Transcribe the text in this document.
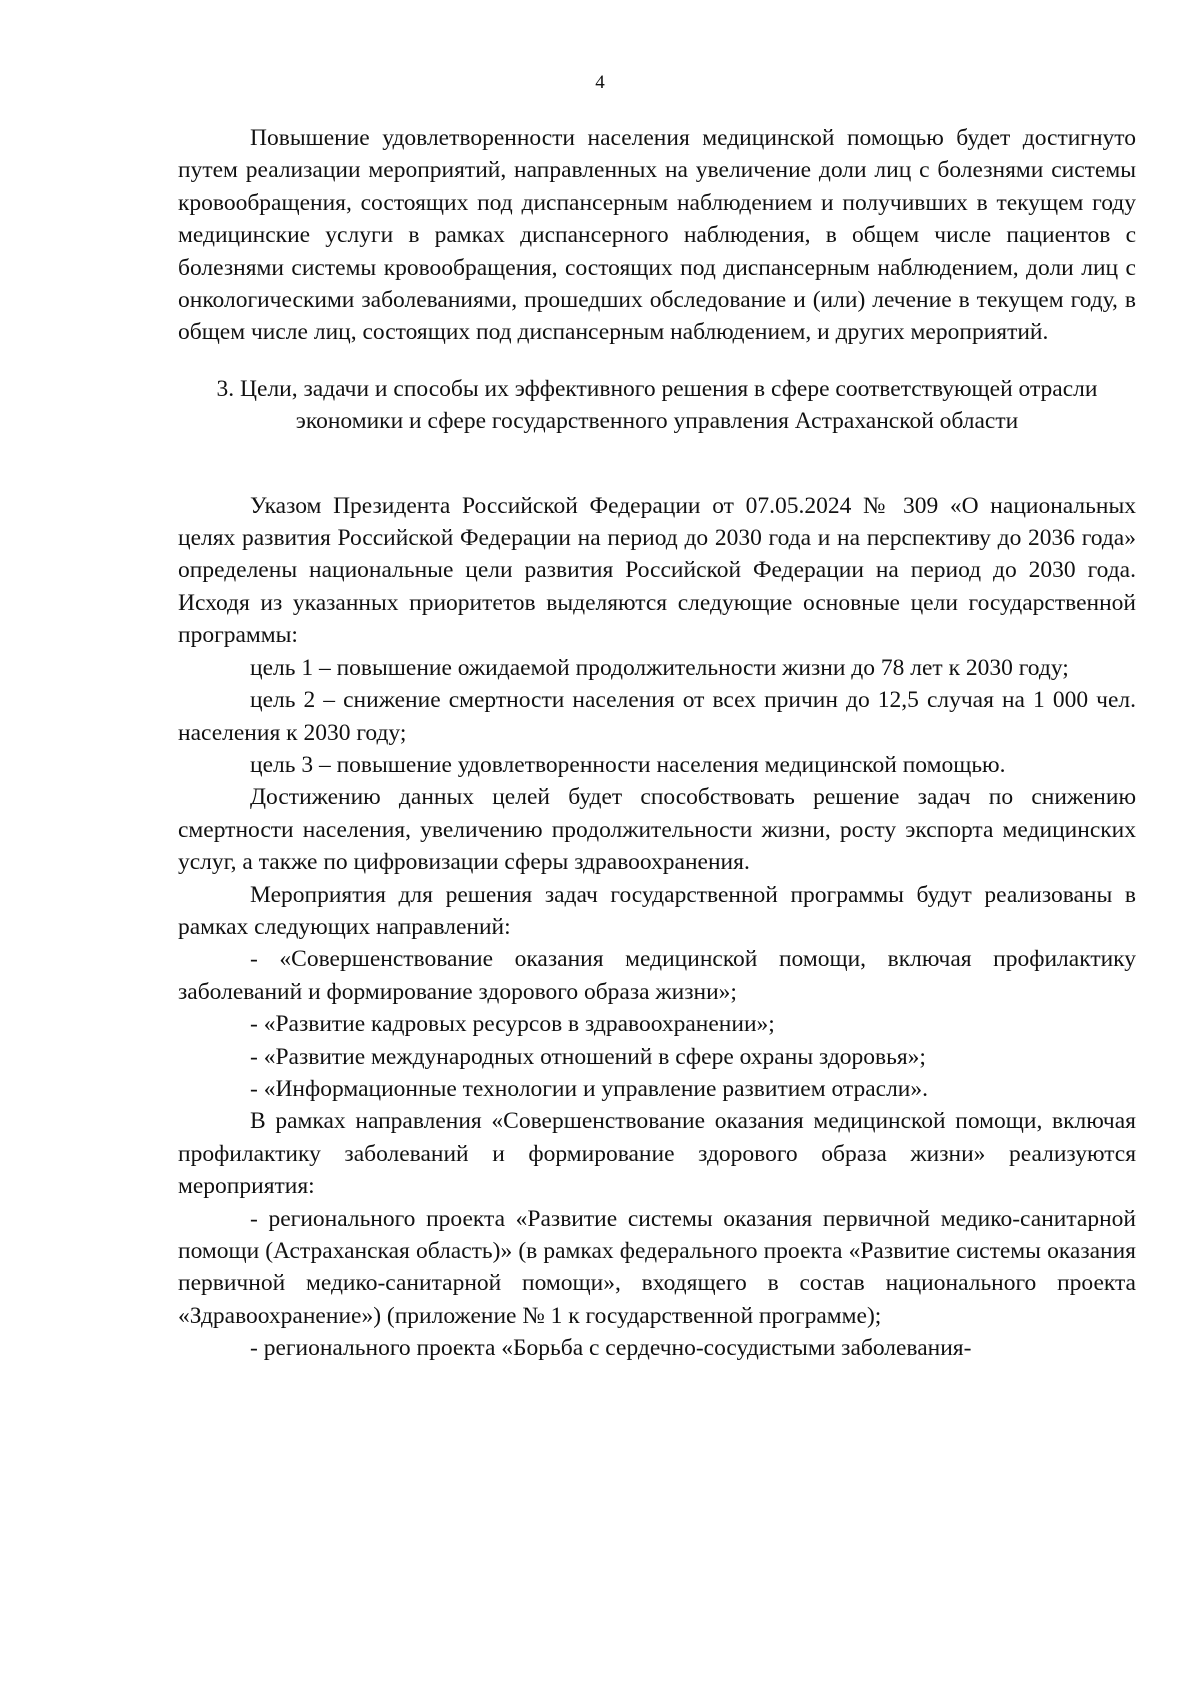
4

Повышение удовлетворенности населения медицинской помощью будет достигнуто путем реализации мероприятий, направленных на увеличение доли лиц с болезнями системы кровообращения, состоящих под диспансерным наблюдением и получивших в текущем году медицинские услуги в рамках диспансерного наблюдения, в общем числе пациентов с болезнями системы кровообращения, состоящих под диспансерным наблюдением, доли лиц с онкологическими заболеваниями, прошедших обследование и (или) лечение в текущем году, в общем числе лиц, состоящих под диспансерным наблюдением, и других мероприятий.

3. Цели, задачи и способы их эффективного решения в сфере соответствующей отрасли экономики и сфере государственного управления Астраханской области

Указом Президента Российской Федерации от 07.05.2024 № 309 «О национальных целях развития Российской Федерации на период до 2030 года и на перспективу до 2036 года» определены национальные цели развития Российской Федерации на период до 2030 года. Исходя из указанных приоритетов выделяются следующие основные цели государственной программы:

цель 1 – повышение ожидаемой продолжительности жизни до 78 лет к 2030 году;

цель 2 – снижение смертности населения от всех причин до 12,5 случая на 1 000 чел. населения к 2030 году;

цель 3 – повышение удовлетворенности населения медицинской помощью.

Достижению данных целей будет способствовать решение задач по снижению смертности населения, увеличению продолжительности жизни, росту экспорта медицинских услуг, а также по цифровизации сферы здравоохранения.

Мероприятия для решения задач государственной программы будут реализованы в рамках следующих направлений:

- «Совершенствование оказания медицинской помощи, включая профилактику заболеваний и формирование здорового образа жизни»;

- «Развитие кадровых ресурсов в здравоохранении»;

- «Развитие международных отношений в сфере охраны здоровья»;

- «Информационные технологии и управление развитием отрасли».

В рамках направления «Совершенствование оказания медицинской помощи, включая профилактику заболеваний и формирование здорового образа жизни» реализуются мероприятия:

- регионального проекта «Развитие системы оказания первичной медико-санитарной помощи (Астраханская область)» (в рамках федерального проекта «Развитие системы оказания первичной медико-санитарной помощи», входящего в состав национального проекта «Здравоохранение») (приложение № 1 к государственной программе);

- регионального проекта «Борьба с сердечно-сосудистыми заболевания-
